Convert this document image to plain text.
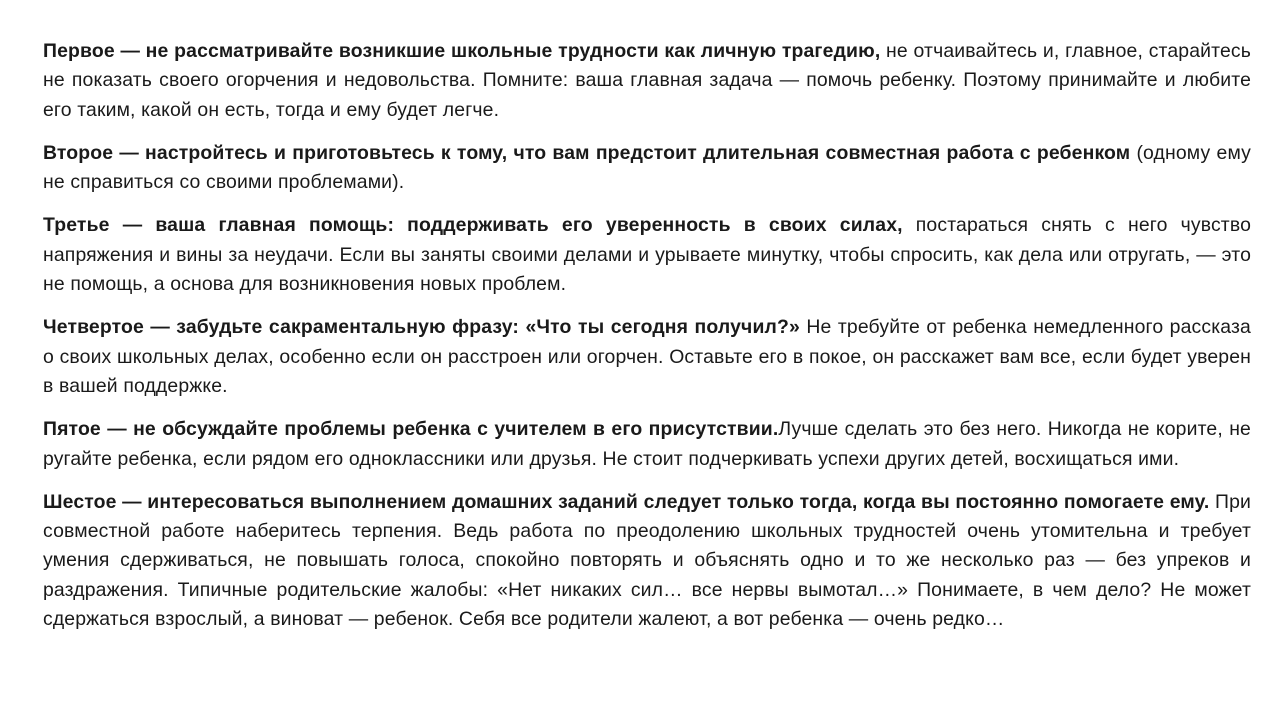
Первое — не рассматривайте возникшие школьные трудности как личную трагедию, не отчаивайтесь и, главное, старайтесь не показать своего огорчения и недовольства. Помните: ваша главная задача — помочь ребенку. Поэтому принимайте и любите его таким, какой он есть, тогда и ему будет легче.

Второе — настройтесь и приготовьтесь к тому, что вам предстоит длительная совместная работа с ребенком (одному ему не справиться со своими проблемами).

Третье — ваша главная помощь: поддерживать его уверенность в своих силах, постараться снять с него чувство напряжения и вины за неудачи. Если вы заняты своими делами и урываете минутку, чтобы спросить, как дела или отругать, — это не помощь, а основа для возникновения новых проблем.

Четвертое — забудьте сакраментальную фразу: «Что ты сегодня получил?» Не требуйте от ребенка немедленного рассказа о своих школьных делах, особенно если он расстроен или огорчен. Оставьте его в покое, он расскажет вам все, если будет уверен в вашей поддержке.

Пятое — не обсуждайте проблемы ребенка с учителем в его присутствии.Лучше сделать это без него. Никогда не корите, не ругайте ребенка, если рядом его одноклассники или друзья. Не стоит подчеркивать успехи других детей, восхищаться ими.

Шестое — интересоваться выполнением домашних заданий следует только тогда, когда вы постоянно помогаете ему. При совместной работе наберитесь терпения. Ведь работа по преодолению школьных трудностей очень утомительна и требует умения сдерживаться, не повышать голоса, спокойно повторять и объяснять одно и то же несколько раз — без упреков и раздражения. Типичные родительские жалобы: «Нет никаких сил… все нервы вымотал…» Понимаете, в чем дело? Не может сдержаться взрослый, а виноват — ребенок. Себя все родители жалеют, а вот ребенка — очень редко…
